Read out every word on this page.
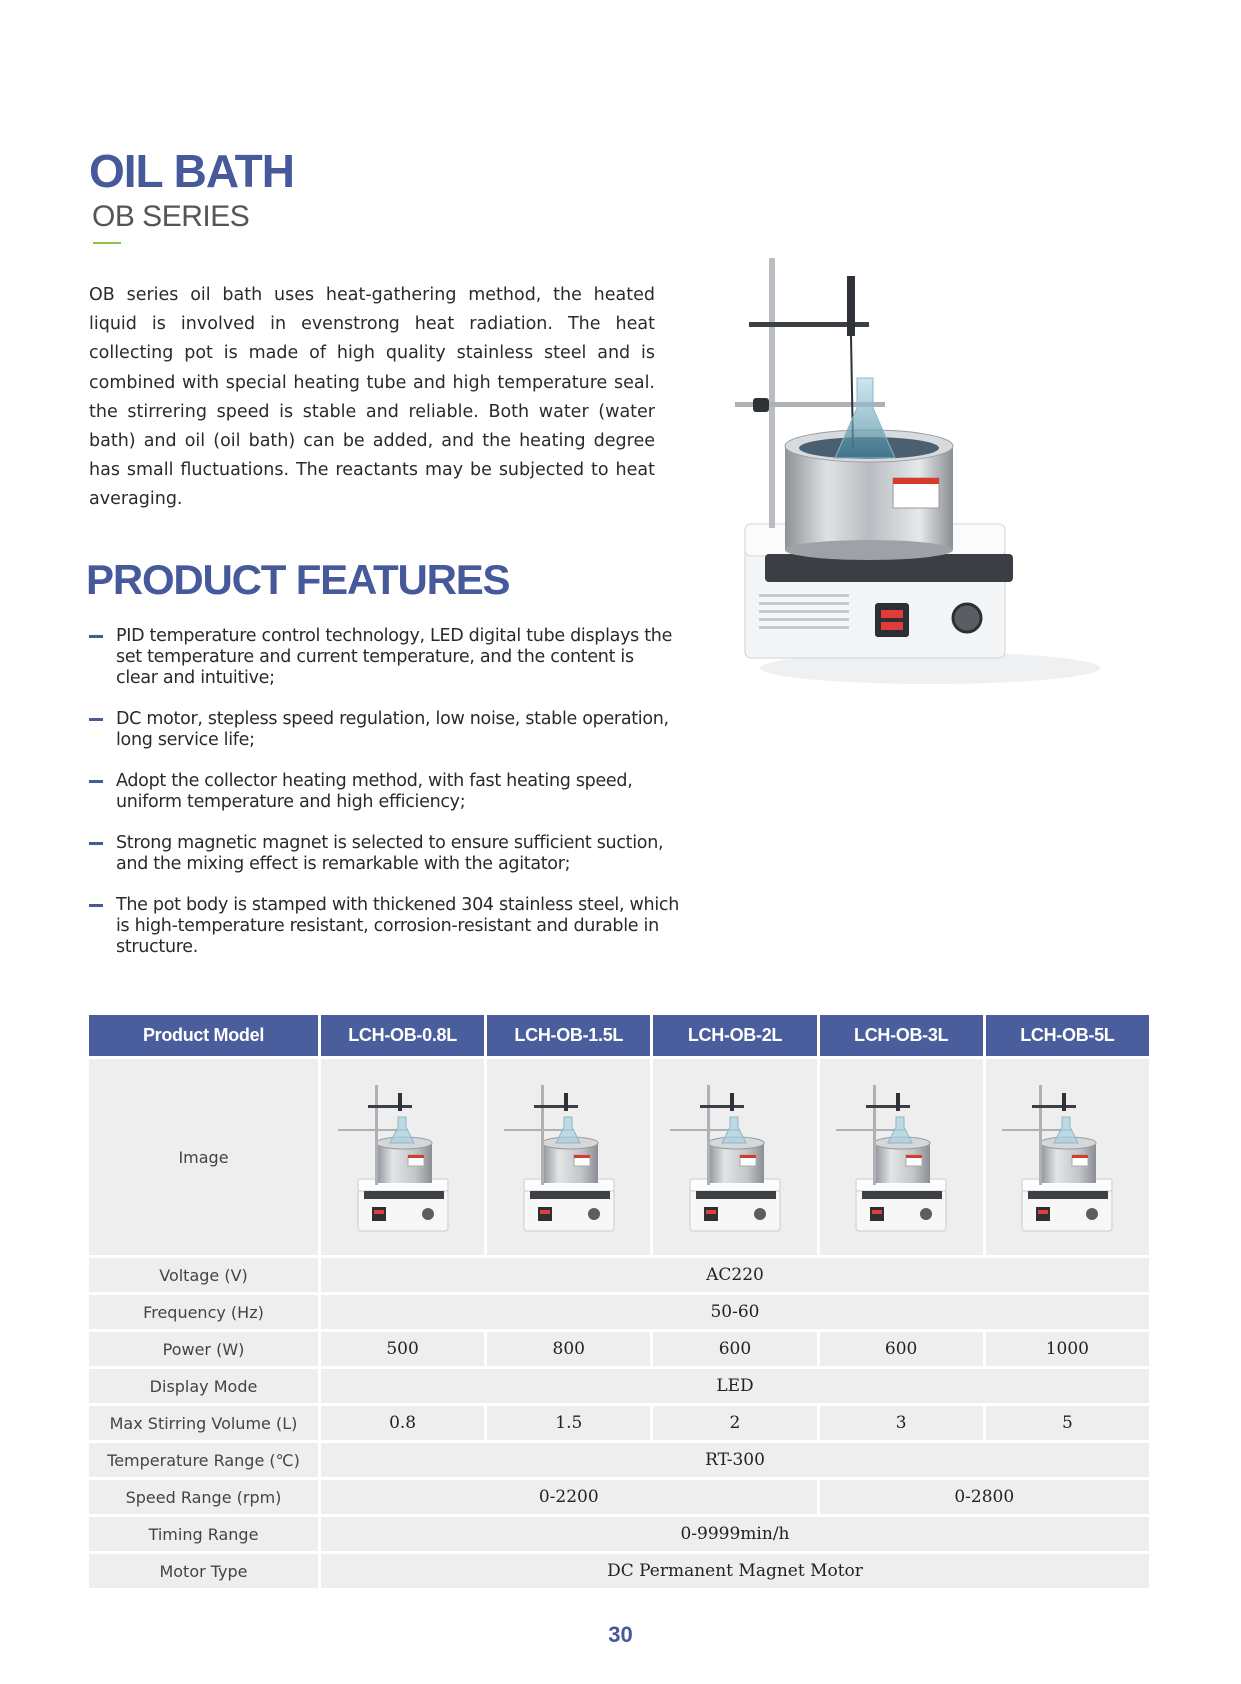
OIL BATH
OB SERIES

OB series oil bath uses heat-gathering method, the heated liquid is involved in evenstrong heat radiation. The heat collecting pot is made of high quality stainless steel and is combined with special heating tube and high temperature seal. the stirrering speed is stable and reliable. Both water (water bath) and oil (oil bath) can be added, and the heating degree has small fluctuations. The reactants may be subjected to heat averaging.

PRODUCT FEATURES
PID temperature control technology, LED digital tube displays the set temperature and current temperature, and the content is clear and intuitive;
DC motor, stepless speed regulation, low noise, stable operation, long service life;
Adopt the collector heating method, with fast heating speed, uniform temperature and high efficiency;
Strong magnetic magnet is selected to ensure sufficient suction, and the mixing effect is remarkable with the agitator;
The pot body is stamped with thickened 304 stainless steel, which is high-temperature resistant, corrosion-resistant and durable in structure.
Product Model	LCH-OB-0.8L	LCH-OB-1.5L	LCH-OB-2L	LCH-OB-3L	LCH-OB-5L
Image	

Voltage (V)	AC220				
Frequency (Hz)	50-60				
Power (W)	500	800	600	600	1000
Display Mode	LED				
Max Stirring Volume (L)	0.8	1.5	2	3	5
Temperature Range (℃)	RT-300				
Speed Range (rpm)	0-2200			0-2800	
Timing Range	0-9999min/h				
Motor Type	DC Permanent Magnet Motor				
30
